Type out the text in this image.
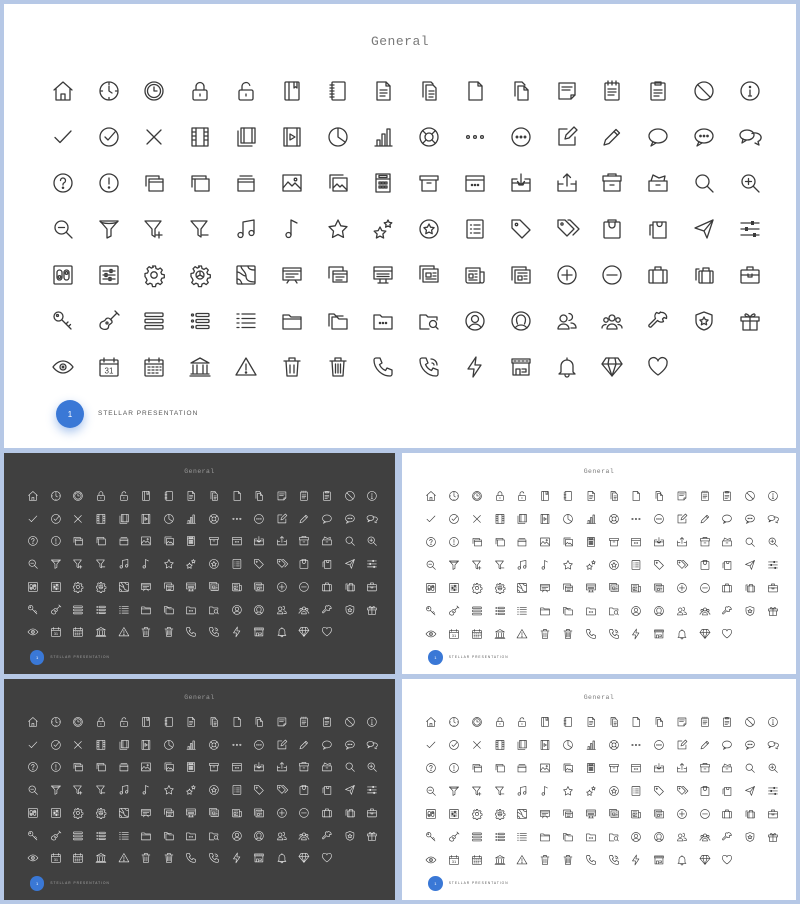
General
31
1	STELLAR PRESENTATION
General
31
1	STELLAR PRESENTATION
General
31
1	STELLAR PRESENTATION
General
31
1	STELLAR PRESENTATION
General
31
1	STELLAR PRESENTATION
